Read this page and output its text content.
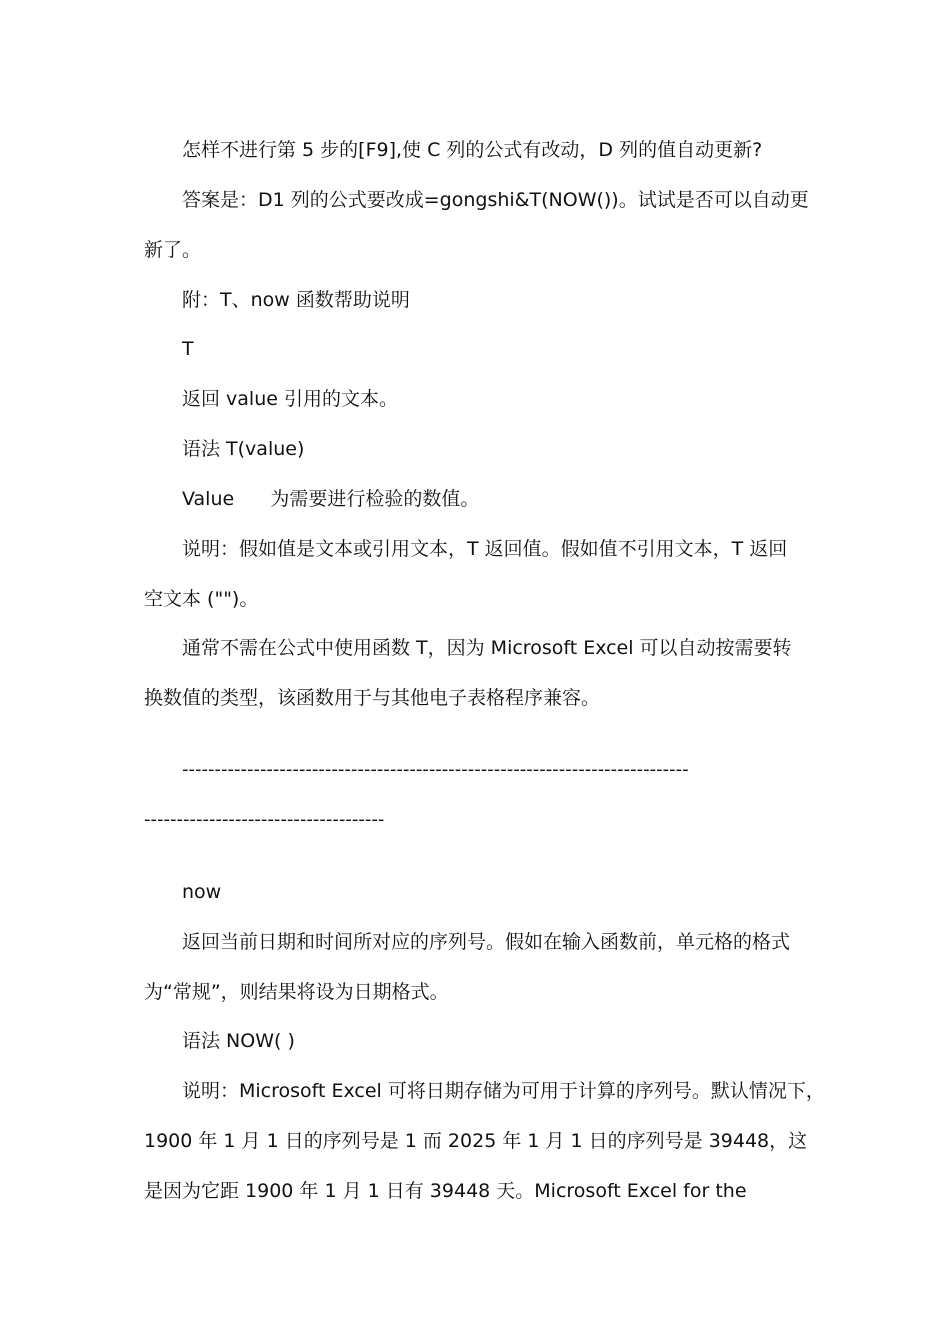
怎样不进行第 5 步的[F9],使 C 列的公式有改动，D 列的值自动更新?

答案是：D1 列的公式要改成=gongshi&T(NOW())。试试是否可以自动更

新了。

附：T、now 函数帮助说明

T

返回 value 引用的文本。

语法 T(value)

Value      为需要进行检验的数值。

说明：假如值是文本或引用文本，T 返回值。假如值不引用文本，T 返回

空文本 ("")。

通常不需在公式中使用函数 T，因为 Microsoft Excel 可以自动按需要转

换数值的类型，该函数用于与其他电子表格程序兼容。

------------------------------------------------------------------------------

-------------------------------------

now

返回当前日期和时间所对应的序列号。假如在输入函数前，单元格的格式

为“常规”，则结果将设为日期格式。

语法 NOW( )

说明：Microsoft Excel 可将日期存储为可用于计算的序列号。默认情况下，

1900 年 1 月 1 日的序列号是 1 而 2025 年 1 月 1 日的序列号是 39448，这

是因为它距 1900 年 1 月 1 日有 39448 天。Microsoft Excel for the
